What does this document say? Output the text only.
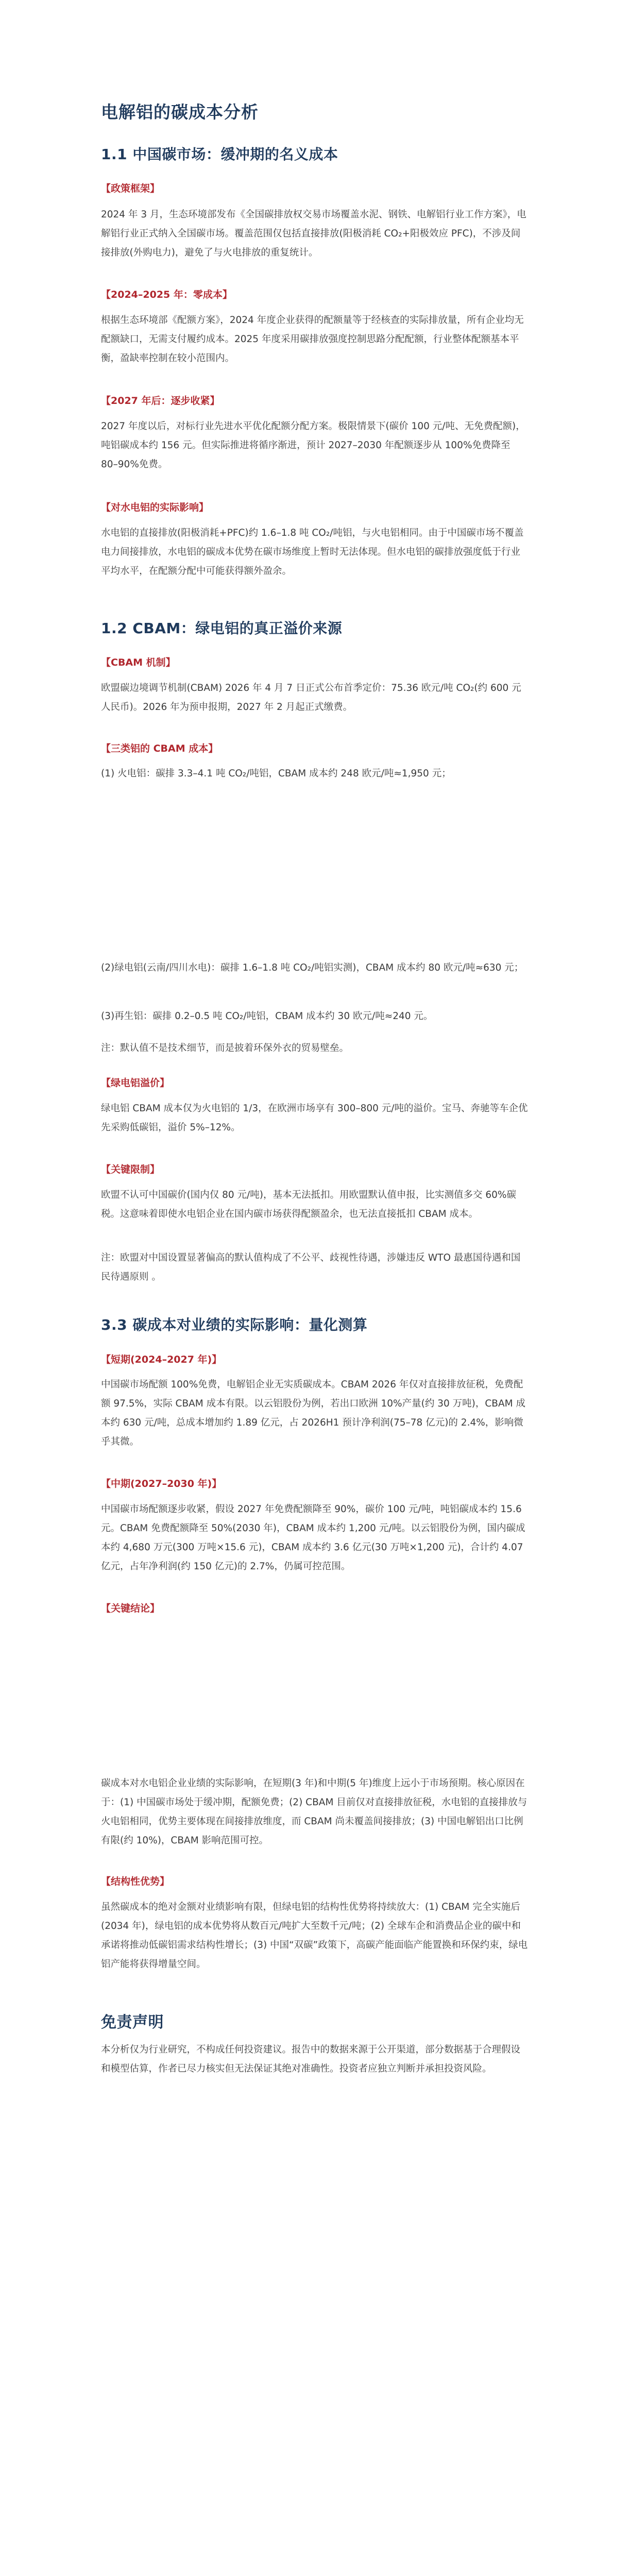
电解铝的碳成本分析
1.1 中国碳市场：缓冲期的名义成本
【政策框架】

2024 年 3 月，生态环境部发布《全国碳排放权交易市场覆盖水泥、钢铁、电解铝行业工作方案》，电解铝行业正式纳入全国碳市场。覆盖范围仅包括直接排放(阳极消耗 CO₂+阳极效应 PFC)，不涉及间接排放(外购电力)，避免了与火电排放的重复统计。

【2024–2025 年：零成本】

根据生态环境部《配额方案》，2024 年度企业获得的配额量等于经核查的实际排放量，所有企业均无配额缺口，无需支付履约成本。2025 年度采用碳排放强度控制思路分配配额，行业整体配额基本平衡，盈缺率控制在较小范围内。

【2027 年后：逐步收紧】

2027 年度以后，对标行业先进水平优化配额分配方案。极限情景下(碳价 100 元/吨、无免费配额)，吨铝碳成本约 156 元。但实际推进将循序渐进，预计 2027–2030 年配额逐步从 100%免费降至 80–90%免费。

【对水电铝的实际影响】

水电铝的直接排放(阳极消耗+PFC)约 1.6–1.8 吨 CO₂/吨铝，与火电铝相同。由于中国碳市场不覆盖电力间接排放，水电铝的碳成本优势在碳市场维度上暂时无法体现。但水电铝的碳排放强度低于行业平均水平，在配额分配中可能获得额外盈余。

1.2 CBAM：绿电铝的真正溢价来源
【CBAM 机制】

欧盟碳边境调节机制(CBAM) 2026 年 4 月 7 日正式公布首季定价：75.36 欧元/吨 CO₂(约 600 元人民币)。2026 年为预申报期，2027 年 2 月起正式缴费。

【三类铝的 CBAM 成本】

(1) 火电铝：碳排 3.3–4.1 吨 CO₂/吨铝，CBAM 成本约 248 欧元/吨≈1,950 元；

(2)绿电铝(云南/四川水电)：碳排 1.6–1.8 吨 CO₂/吨铝实测)，CBAM 成本约 80 欧元/吨≈630 元；

(3)再生铝：碳排 0.2–0.5 吨 CO₂/吨铝，CBAM 成本约 30 欧元/吨≈240 元。

注：默认值不是技术细节，而是披着环保外衣的贸易壁垒。

【绿电铝溢价】

绿电铝 CBAM 成本仅为火电铝的 1/3，在欧洲市场享有 300–800 元/吨的溢价。宝马、奔驰等车企优先采购低碳铝，溢价 5%–12%。

【关键限制】

欧盟不认可中国碳价(国内仅 80 元/吨)，基本无法抵扣。用欧盟默认值申报，比实测值多交 60%碳税。这意味着即使水电铝企业在国内碳市场获得配额盈余，也无法直接抵扣 CBAM 成本。

注：欧盟对中国设置显著偏高的默认值构成了不公平、歧视性待遇，涉嫌违反 WTO 最惠国待遇和国民待遇原则 。

3.3 碳成本对业绩的实际影响：量化测算
【短期(2024–2027 年)】

中国碳市场配额 100%免费，电解铝企业无实质碳成本。CBAM 2026 年仅对直接排放征税，免费配额 97.5%，实际 CBAM 成本有限。以云铝股份为例，若出口欧洲 10%产量(约 30 万吨)，CBAM 成本约 630 元/吨，总成本增加约 1.89 亿元，占 2026H1 预计净利润(75–78 亿元)的 2.4%，影响微乎其微。

【中期(2027–2030 年)】

中国碳市场配额逐步收紧，假设 2027 年免费配额降至 90%，碳价 100 元/吨，吨铝碳成本约 15.6 元。CBAM 免费配额降至 50%(2030 年)，CBAM 成本约 1,200 元/吨。以云铝股份为例，国内碳成本约 4,680 万元(300 万吨×15.6 元)，CBAM 成本约 3.6 亿元(30 万吨×1,200 元)，合计约 4.07 亿元，占年净利润(约 150 亿元)的 2.7%，仍属可控范围。

【关键结论】

碳成本对水电铝企业业绩的实际影响，在短期(3 年)和中期(5 年)维度上远小于市场预期。核心原因在于：(1) 中国碳市场处于缓冲期，配额免费；(2) CBAM 目前仅对直接排放征税，水电铝的直接排放与火电铝相同，优势主要体现在间接排放维度，而 CBAM 尚未覆盖间接排放；(3) 中国电解铝出口比例有限(约 10%)，CBAM 影响范围可控。

【结构性优势】

虽然碳成本的绝对金额对业绩影响有限，但绿电铝的结构性优势将持续放大：(1) CBAM 完全实施后(2034 年)，绿电铝的成本优势将从数百元/吨扩大至数千元/吨；(2) 全球车企和消费品企业的碳中和承诺将推动低碳铝需求结构性增长；(3) 中国“双碳”政策下，高碳产能面临产能置换和环保约束，绿电铝产能将获得增量空间。

免责声明

本分析仅为行业研究，不构成任何投资建议。报告中的数据来源于公开渠道，部分数据基于合理假设和模型估算，作者已尽力核实但无法保证其绝对准确性。投资者应独立判断并承担投资风险。
